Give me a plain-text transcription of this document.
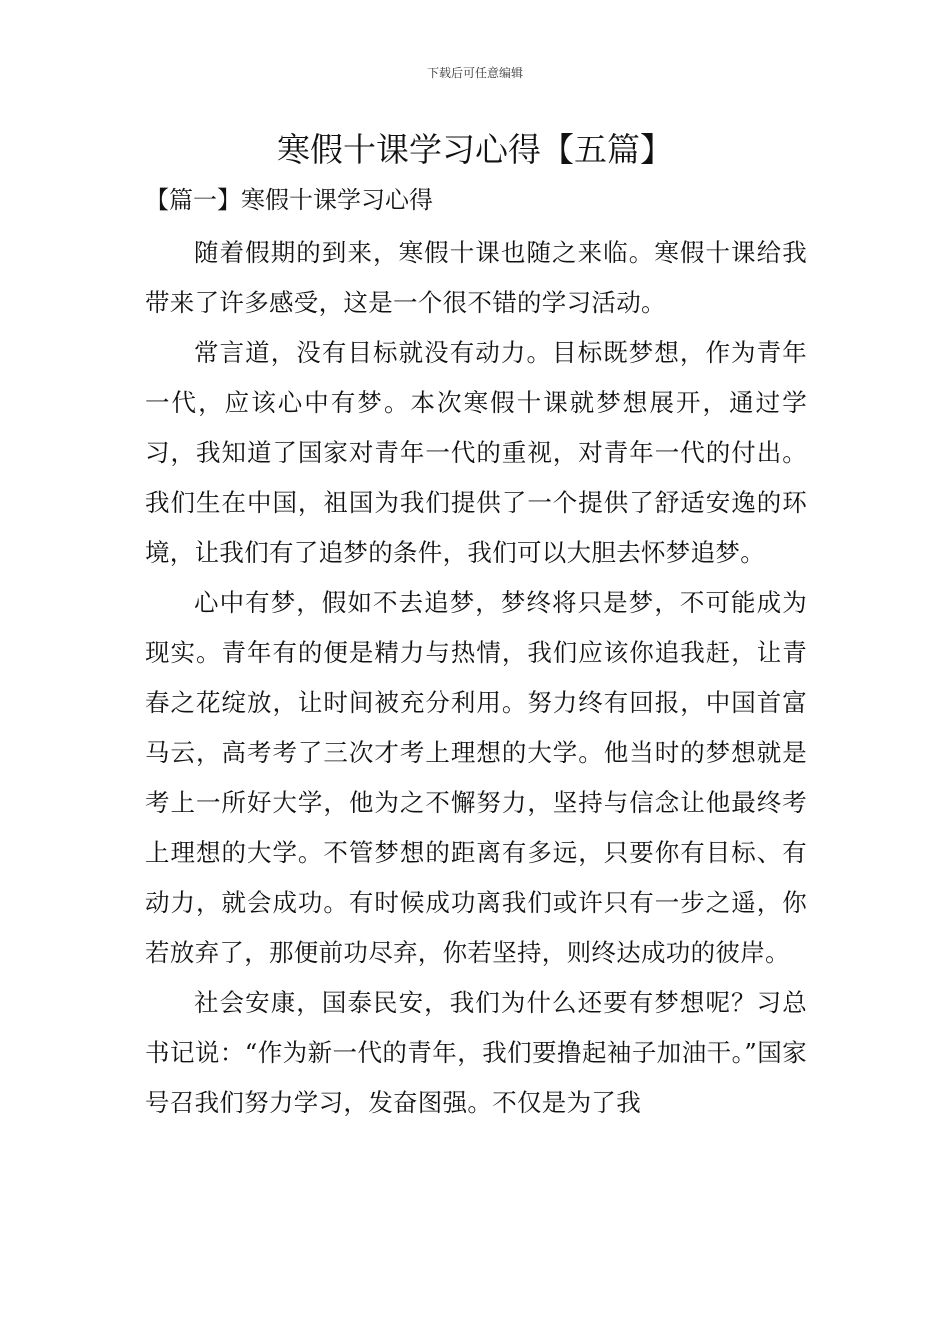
下载后可任意编辑
寒假十课学习心得【五篇】
【篇一】寒假十课学习心得

随着假期的到来，寒假十课也随之来临。寒假十课给我带来了许多感受，这是一个很不错的学习活动。

常言道，没有目标就没有动力。目标既梦想，作为青年一代，应该心中有梦。本次寒假十课就梦想展开，通过学习，我知道了国家对青年一代的重视，对青年一代的付出。我们生在中国，祖国为我们提供了一个提供了舒适安逸的环境，让我们有了追梦的条件，我们可以大胆去怀梦追梦。

心中有梦，假如不去追梦，梦终将只是梦，不可能成为现实。青年有的便是精力与热情，我们应该你追我赶，让青春之花绽放，让时间被充分利用。努力终有回报，中国首富马云，高考考了三次才考上理想的大学。他当时的梦想就是考上一所好大学，他为之不懈努力，坚持与信念让他最终考上理想的大学。不管梦想的距离有多远，只要你有目标、有动力，就会成功。有时候成功离我们或许只有一步之遥，你若放弃了，那便前功尽弃，你若坚持，则终达成功的彼岸。

社会安康，国泰民安，我们为什么还要有梦想呢？习总书记说：“作为新一代的青年，我们要撸起袖子加油干。”国家号召我们努力学习，发奋图强。不仅是为了我
